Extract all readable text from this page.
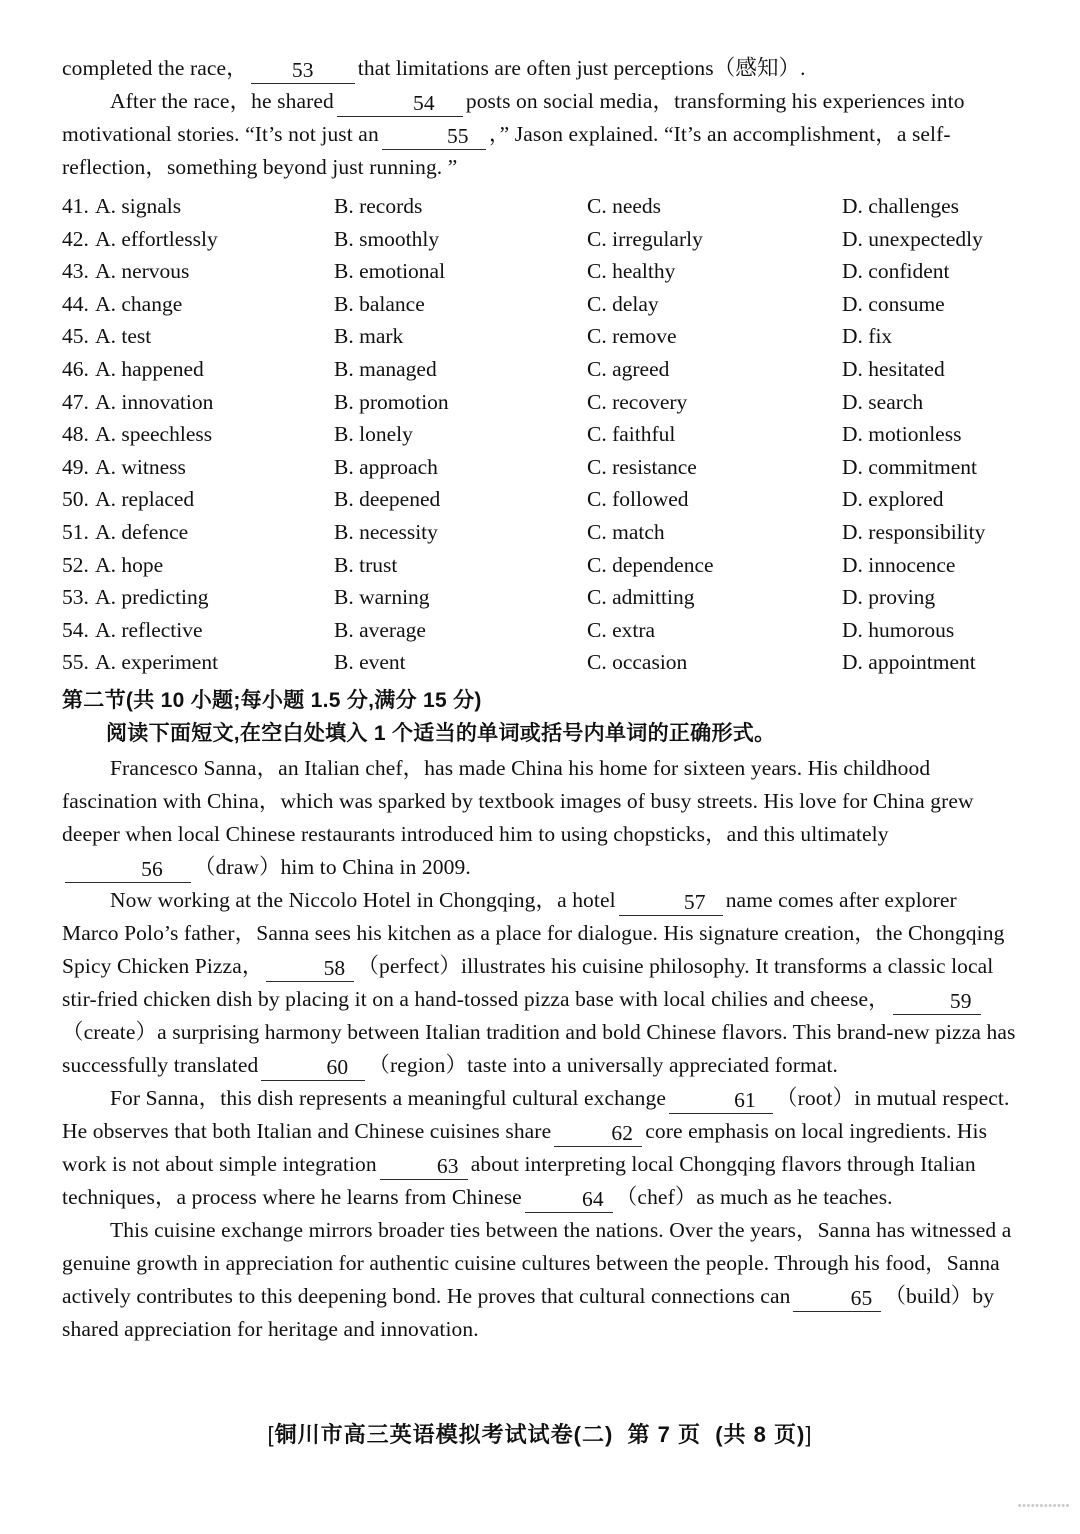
completed the race， 53 that limitations are often just perceptions（感知）.

After the race，he shared	54 posts on social media，transforming his experiences into motivational stories. “It’s not just an	55 ，” Jason explained. “It’s an accomplishment，a self-reflection，something beyond just running. ”

41. A. signals	B. records	C. needs	D. challenges
42. A. effortlessly	B. smoothly	C. irregularly	D. unexpectedly
43. A. nervous	B. emotional	C. healthy	D. confident
44. A. change	B. balance	C. delay	D. consume
45. A. test	B. mark	C. remove	D. fix
46. A. happened	B. managed	C. agreed	D. hesitated
47. A. innovation	B. promotion	C. recovery	D. search
48. A. speechless	B. lonely	C. faithful	D. motionless
49. A. witness	B. approach	C. resistance	D. commitment
50. A. replaced	B. deepened	C. followed	D. explored
51. A. defence	B. necessity	C. match	D. responsibility
52. A. hope	B. trust	C. dependence	D. innocence
53. A. predicting	B. warning	C. admitting	D. proving
54. A. reflective	B. average	C. extra	D. humorous
55. A. experiment	B. event	C. occasion	D. appointment

第二节(共 10 小题;每小题 1.5 分,满分 15 分)

阅读下面短文,在空白处填入 1 个适当的单词或括号内单词的正确形式。

Francesco Sanna，an Italian chef，has made China his home for sixteen years. His childhood fascination with China，which was sparked by textbook images of busy streets. His love for China grew deeper when local Chinese restaurants introduced him to using chopsticks，and this ultimately56 （draw）him to China in 2009.

Now working at the Niccolo Hotel in Chongqing，a hotel	57 name comes after explorer Marco Polo’s father，Sanna sees his kitchen as a place for dialogue. His signature creation，the Chongqing Spicy Chicken Pizza，	58 （perfect）illustrates his cuisine philosophy. It transforms a classic local stir-fried chicken dish by placing it on a hand-tossed pizza base with local chilies and cheese，	59（create）a surprising harmony between Italian tradition and bold Chinese flavors. This brand-new pizza has successfully translated	60 （region）taste into a universally appreciated format.

For Sanna，this dish represents a meaningful cultural exchange	61 （root）in mutual respect. He observes that both Italian and Chinese cuisines share	62 core emphasis on local ingredients. His work is not about simple integration	63 about interpreting local Chongqing flavors through Italian techniques，a process where he learns from Chinese	64 （chef）as much as he teaches.

This cuisine exchange mirrors broader ties between the nations. Over the years，Sanna has witnessed a genuine growth in appreciation for authentic cuisine cultures between the people. Through his food，Sanna actively contributes to this deepening bond. He proves that cultural connections can	65 （build）by shared appreciation for heritage and innovation.

[铜川市高三英语模拟考试试卷(二) 第 7 页 (共 8 页)]
••••••••••••
